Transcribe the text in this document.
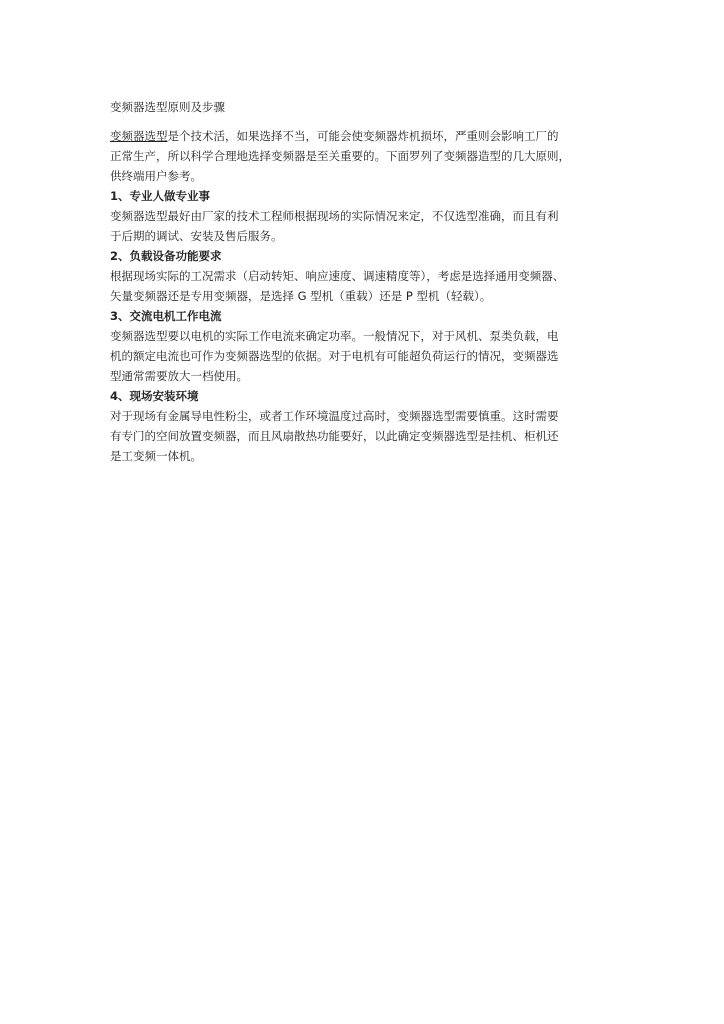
变频器选型原则及步骤

变频器选型是个技术活，如果选择不当，可能会使变频器炸机损坏，严重则会影响工厂的

正常生产，所以科学合理地选择变频器是至关重要的。下面罗列了变频器造型的几大原则，

供终端用户参考。

1、专业人做专业事

变频器选型最好由厂家的技术工程师根据现场的实际情况来定，不仅选型准确，而且有利

于后期的调试、安装及售后服务。

2、负载设备功能要求

根据现场实际的工况需求（启动转矩、响应速度、调速精度等），考虑是选择通用变频器、

矢量变频器还是专用变频器，是选择 G 型机（重载）还是 P 型机（轻载）。

3、交流电机工作电流

变频器选型要以电机的实际工作电流来确定功率。一般情况下，对于风机、泵类负载，电

机的额定电流也可作为变频器选型的依据。对于电机有可能超负荷运行的情况，变频器选

型通常需要放大一档使用。

4、现场安装环境

对于现场有金属导电性粉尘，或者工作环境温度过高时，变频器选型需要慎重。这时需要

有专门的空间放置变频器，而且风扇散热功能要好，以此确定变频器选型是挂机、柜机还

是工变频一体机。
